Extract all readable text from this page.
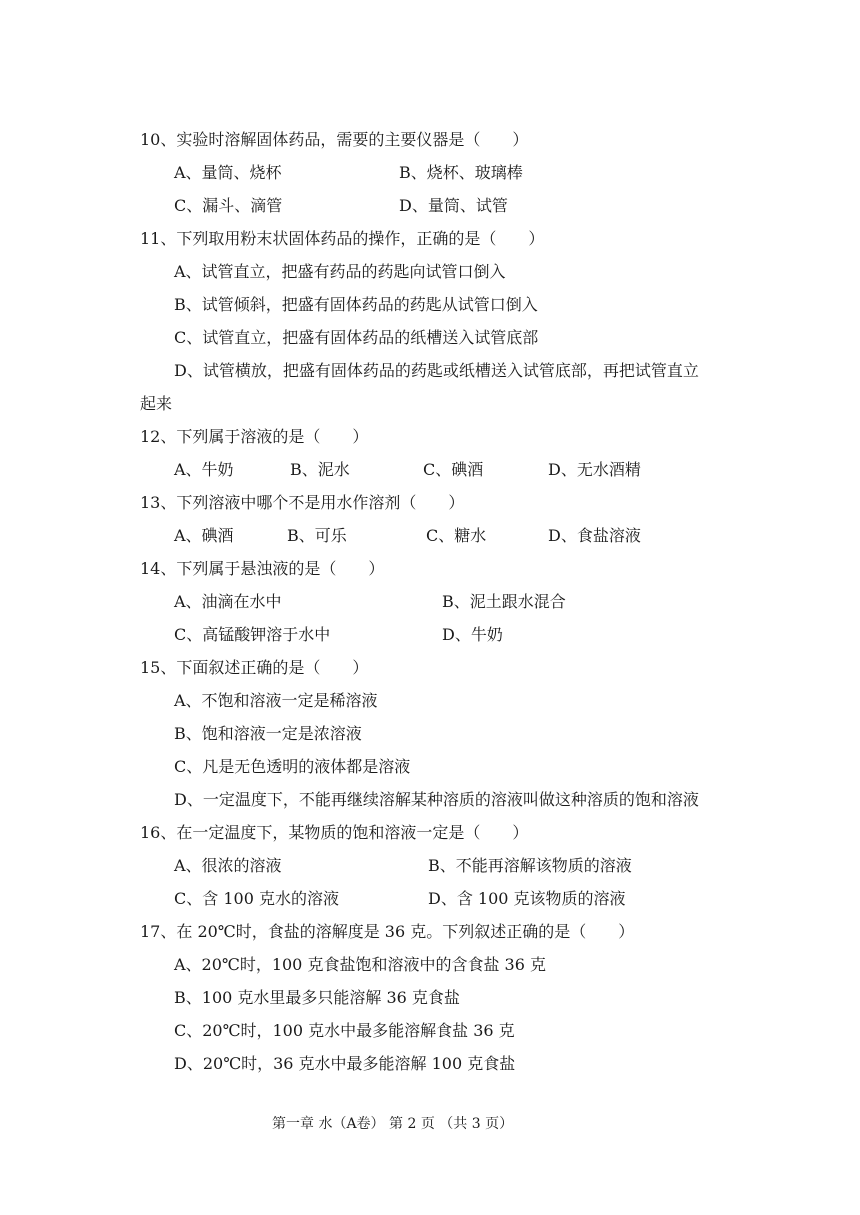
10、实验时溶解固体药品，需要的主要仪器是（　　）
A、量筒、烧杯	B、烧杯、玻璃棒
C、漏斗、滴管	D、量筒、试管
11、下列取用粉末状固体药品的操作，正确的是（　　）
A、试管直立，把盛有药品的药匙向试管口倒入
B、试管倾斜，把盛有固体药品的药匙从试管口倒入
C、试管直立，把盛有固体药品的纸槽送入试管底部
D、试管横放，把盛有固体药品的药匙或纸槽送入试管底部，再把试管直立
起来
12、下列属于溶液的是（　　）
A、牛奶	B、泥水	C、碘酒	D、无水酒精
13、下列溶液中哪个不是用水作溶剂（　　）
A、碘酒	B、可乐	C、糖水	D、食盐溶液
14、下列属于悬浊液的是（　　）
A、油滴在水中	B、泥土跟水混合
C、高锰酸钾溶于水中	D、牛奶
15、下面叙述正确的是（　　）
A、不饱和溶液一定是稀溶液
B、饱和溶液一定是浓溶液
C、凡是无色透明的液体都是溶液
D、一定温度下，不能再继续溶解某种溶质的溶液叫做这种溶质的饱和溶液
16、在一定温度下，某物质的饱和溶液一定是（　　）
A、很浓的溶液	B、不能再溶解该物质的溶液
C、含 100 克水的溶液	D、含 100 克该物质的溶液
17、在 20℃时，食盐的溶解度是 36 克。下列叙述正确的是（　　）
A、20℃时，100 克食盐饱和溶液中的含食盐 36 克
B、100 克水里最多只能溶解 36 克食盐
C、20℃时，100 克水中最多能溶解食盐 36 克
D、20℃时，36 克水中最多能溶解 100 克食盐
第一章 水（A卷） 第 2 页 （共 3 页）
